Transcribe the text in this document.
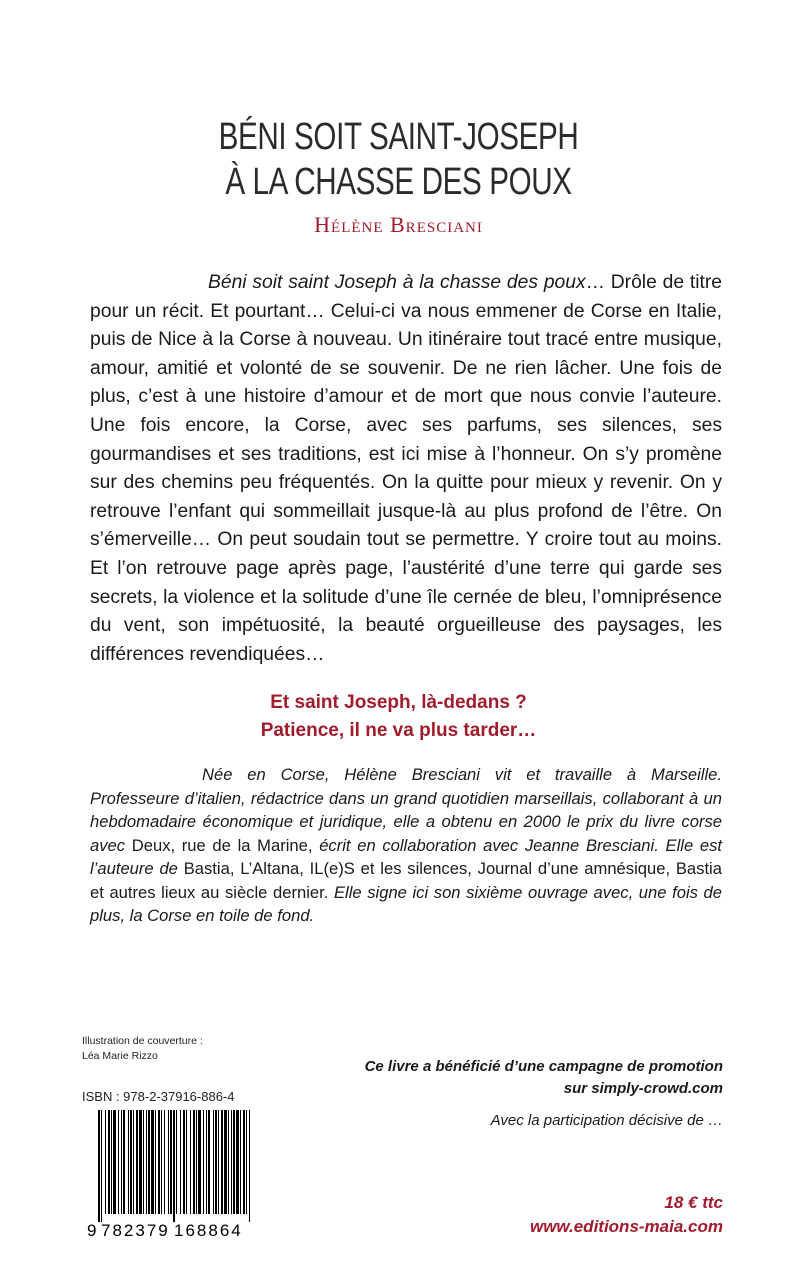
BÉNI SOIT SAINT-JOSEPH
À LA CHASSE DES POUX
Hélène Bresciani

Béni soit saint Joseph à la chasse des poux… Drôle de titre pour un récit. Et pourtant… Celui-ci va nous emmener de Corse en Italie, puis de Nice à la Corse à nouveau. Un itinéraire tout tracé entre musique, amour, amitié et volonté de se souvenir. De ne rien lâcher. Une fois de plus, c’est à une histoire d’amour et de mort que nous convie l’auteure. Une fois encore, la Corse, avec ses parfums, ses silences, ses gourmandises et ses traditions, est ici mise à l’honneur. On s’y promène sur des chemins peu fréquentés. On la quitte pour mieux y revenir. On y retrouve l’enfant qui sommeillait jusque-là au plus profond de l’être. On s’émerveille… On peut soudain tout se permettre. Y croire tout au moins. Et l’on retrouve page après page, l’austérité d’une terre qui garde ses secrets, la violence et la solitude d’une île cernée de bleu, l’omniprésence du vent, son impétuosité, la beauté orgueilleuse des paysages, les différences revendiquées…

Et saint Joseph, là-dedans ?
Patience, il ne va plus tarder…

Née en Corse, Hélène Bresciani vit et travaille à Marseille. Professeure d’italien, rédactrice dans un grand quotidien marseillais, collaborant à un hebdomadaire économique et juridique, elle a obtenu en 2000 le prix du livre corse avec Deux, rue de la Marine, écrit en collaboration avec Jeanne Bresciani. Elle est l’auteure de Bastia, L’Altana, IL(e)S et les silences, Journal d’une amnésique, Bastia et autres lieux au siècle dernier. Elle signe ici son sixième ouvrage avec, une fois de plus, la Corse en toile de fond.

Illustration de couverture :
Léa Marie Rizzo
ISBN : 978-2-37916-886-4
9 782379 168864
Ce livre a bénéficié d’une campagne de promotion
sur simply-crowd.com
Avec la participation décisive de …
18 € ttc
www.editions-maia.com
